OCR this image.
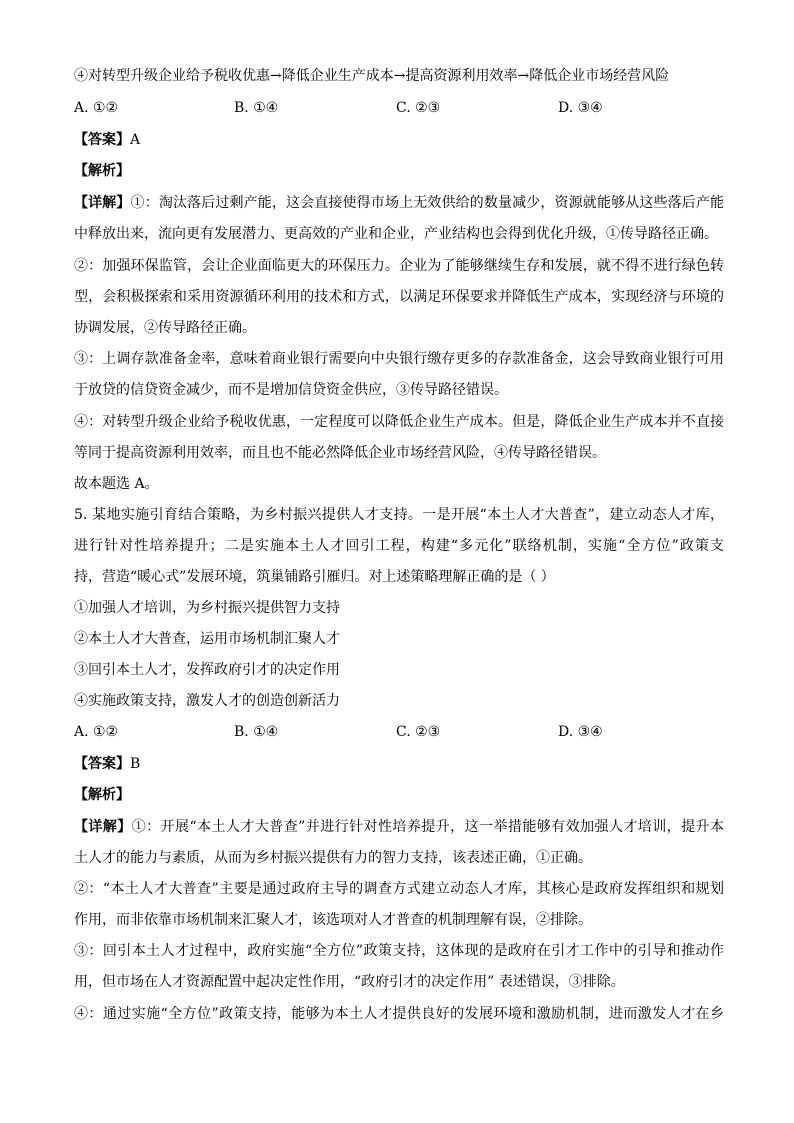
④对转型升级企业给予税收优惠→降低企业生产成本→提高资源利用效率→降低企业市场经营风险
A. ①②	B. ①④	C. ②③	D. ③④
【答案】A
【解析】
【详解】①：淘汰落后过剩产能，这会直接使得市场上无效供给的数量减少，资源就能够从这些落后产能
中释放出来，流向更有发展潜力、更高效的产业和企业，产业结构也会得到优化升级，①传导路径正确。
②：加强环保监管，会让企业面临更大的环保压力。企业为了能够继续生存和发展，就不得不进行绿色转
型，会积极探索和采用资源循环利用的技术和方式，以满足环保要求并降低生产成本，实现经济与环境的
协调发展，②传导路径正确。
③：上调存款准备金率，意味着商业银行需要向中央银行缴存更多的存款准备金，这会导致商业银行可用
于放贷的信贷资金减少，而不是增加信贷资金供应，③传导路径错误。
④：对转型升级企业给予税收优惠，一定程度可以降低企业生产成本。但是，降低企业生产成本并不直接
等同于提高资源利用效率，而且也不能必然降低企业市场经营风险，④传导路径错误。
故本题选 A。
5. 某地实施引育结合策略，为乡村振兴提供人才支持。一是开展“本土人才大普查”，建立动态人才库，
进行针对性培养提升；二是实施本土人才回引工程，构建“多元化”联络机制，实施“全方位”政策支
持，营造“暖心式”发展环境，筑巢铺路引雁归。对上述策略理解正确的是（ ）
①加强人才培训，为乡村振兴提供智力支持
②本土人才大普查，运用市场机制汇聚人才
③回引本土人才，发挥政府引才的决定作用
④实施政策支持，激发人才的创造创新活力
A. ①②	B. ①④	C. ②③	D. ③④
【答案】B
【解析】
【详解】①：开展“本土人才大普查”并进行针对性培养提升，这一举措能够有效加强人才培训，提升本
土人才的能力与素质，从而为乡村振兴提供有力的智力支持，该表述正确，①正确。
②：“本土人才大普查”主要是通过政府主导的调查方式建立动态人才库，其核心是政府发挥组织和规划
作用，而非依靠市场机制来汇聚人才，该选项对人才普查的机制理解有误，②排除。
③：回引本土人才过程中，政府实施“全方位”政策支持，这体现的是政府在引才工作中的引导和推动作
用，但市场在人才资源配置中起决定性作用，“政府引才的决定作用” 表述错误，③排除。
④：通过实施“全方位”政策支持，能够为本土人才提供良好的发展环境和激励机制，进而激发人才在乡
